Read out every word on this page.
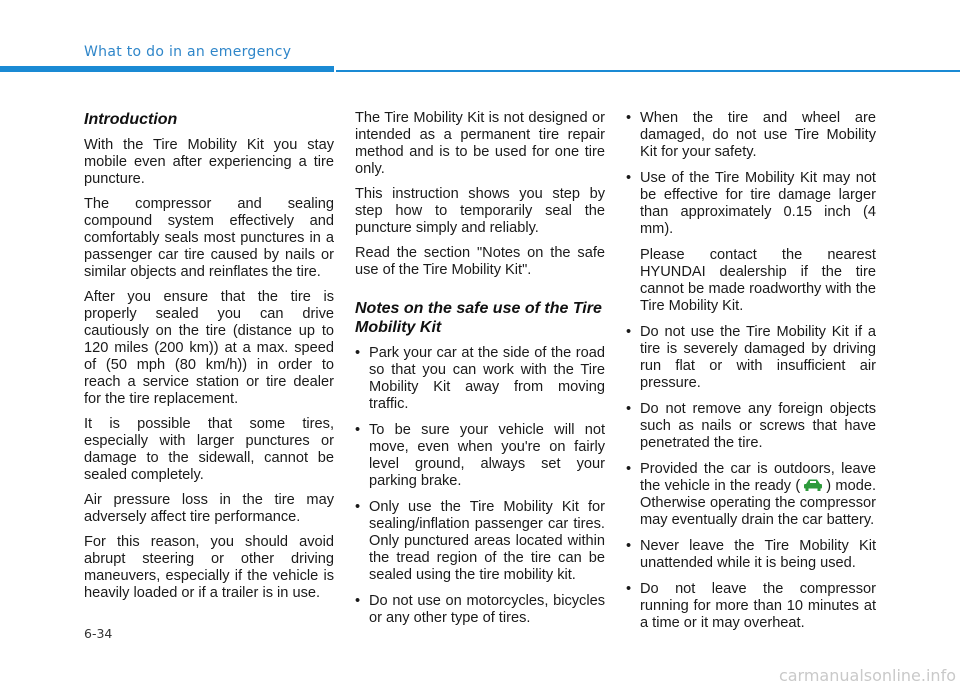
What to do in an emergency
Introduction

With the Tire Mobility Kit you stay mobile even after experiencing a tire puncture.

The compressor and sealing compound system effectively and comfortably seals most punctures in a passenger car tire caused by nails or similar objects and reinflates the tire.

After you ensure that the tire is properly sealed you can drive cautiously on the tire (distance up to 120 miles (200 km)) at a max. speed of (50 mph (80 km/h)) in order to reach a service station or tire dealer for the tire replacement.

It is possible that some tires, especially with larger punctures or damage to the sidewall, cannot be sealed completely.

Air pressure loss in the tire may adversely affect tire performance.

For this reason, you should avoid abrupt steering or other driving maneuvers, especially if the vehicle is heavily loaded or if a trailer is in use.

The Tire Mobility Kit is not designed or intended as a permanent tire repair method and is to be used for one tire only.

This instruction shows you step by step how to temporarily seal the puncture simply and reliably.

Read the section "Notes on the safe use of the Tire Mobility Kit".

Notes on the safe use of the Tire Mobility Kit
• Park your car at the side of the road so that you can work with the Tire Mobility Kit away from moving traffic.
• To be sure your vehicle will not move, even when you're on fairly level ground, always set your parking brake.
• Only use the Tire Mobility Kit for sealing/inflation passenger car tires. Only punctured areas located within the tread region of the tire can be sealed using the tire mobility kit.
• Do not use on motorcycles, bicycles or any other type of tires.
• When the tire and wheel are damaged, do not use Tire Mobility Kit for your safety.
• Use of the Tire Mobility Kit may not be effective for tire damage larger than approximately 0.15 inch (4 mm).
Please contact the nearest HYUNDAI dealership if the tire cannot be made roadworthy with the Tire Mobility Kit.
• Do not use the Tire Mobility Kit if a tire is severely damaged by driving run flat or with insufficient air pressure.
• Do not remove any foreign objects such as nails or screws that have penetrated the tire.
• Provided the car is outdoors, leave the vehicle in the ready ( ) mode. Otherwise operating the compressor may eventually drain the car battery.
• Never leave the Tire Mobility Kit unattended while it is being used.
• Do not leave the compressor running for more than 10 minutes at a time or it may overheat.
6-34
carmanualsonline.info
